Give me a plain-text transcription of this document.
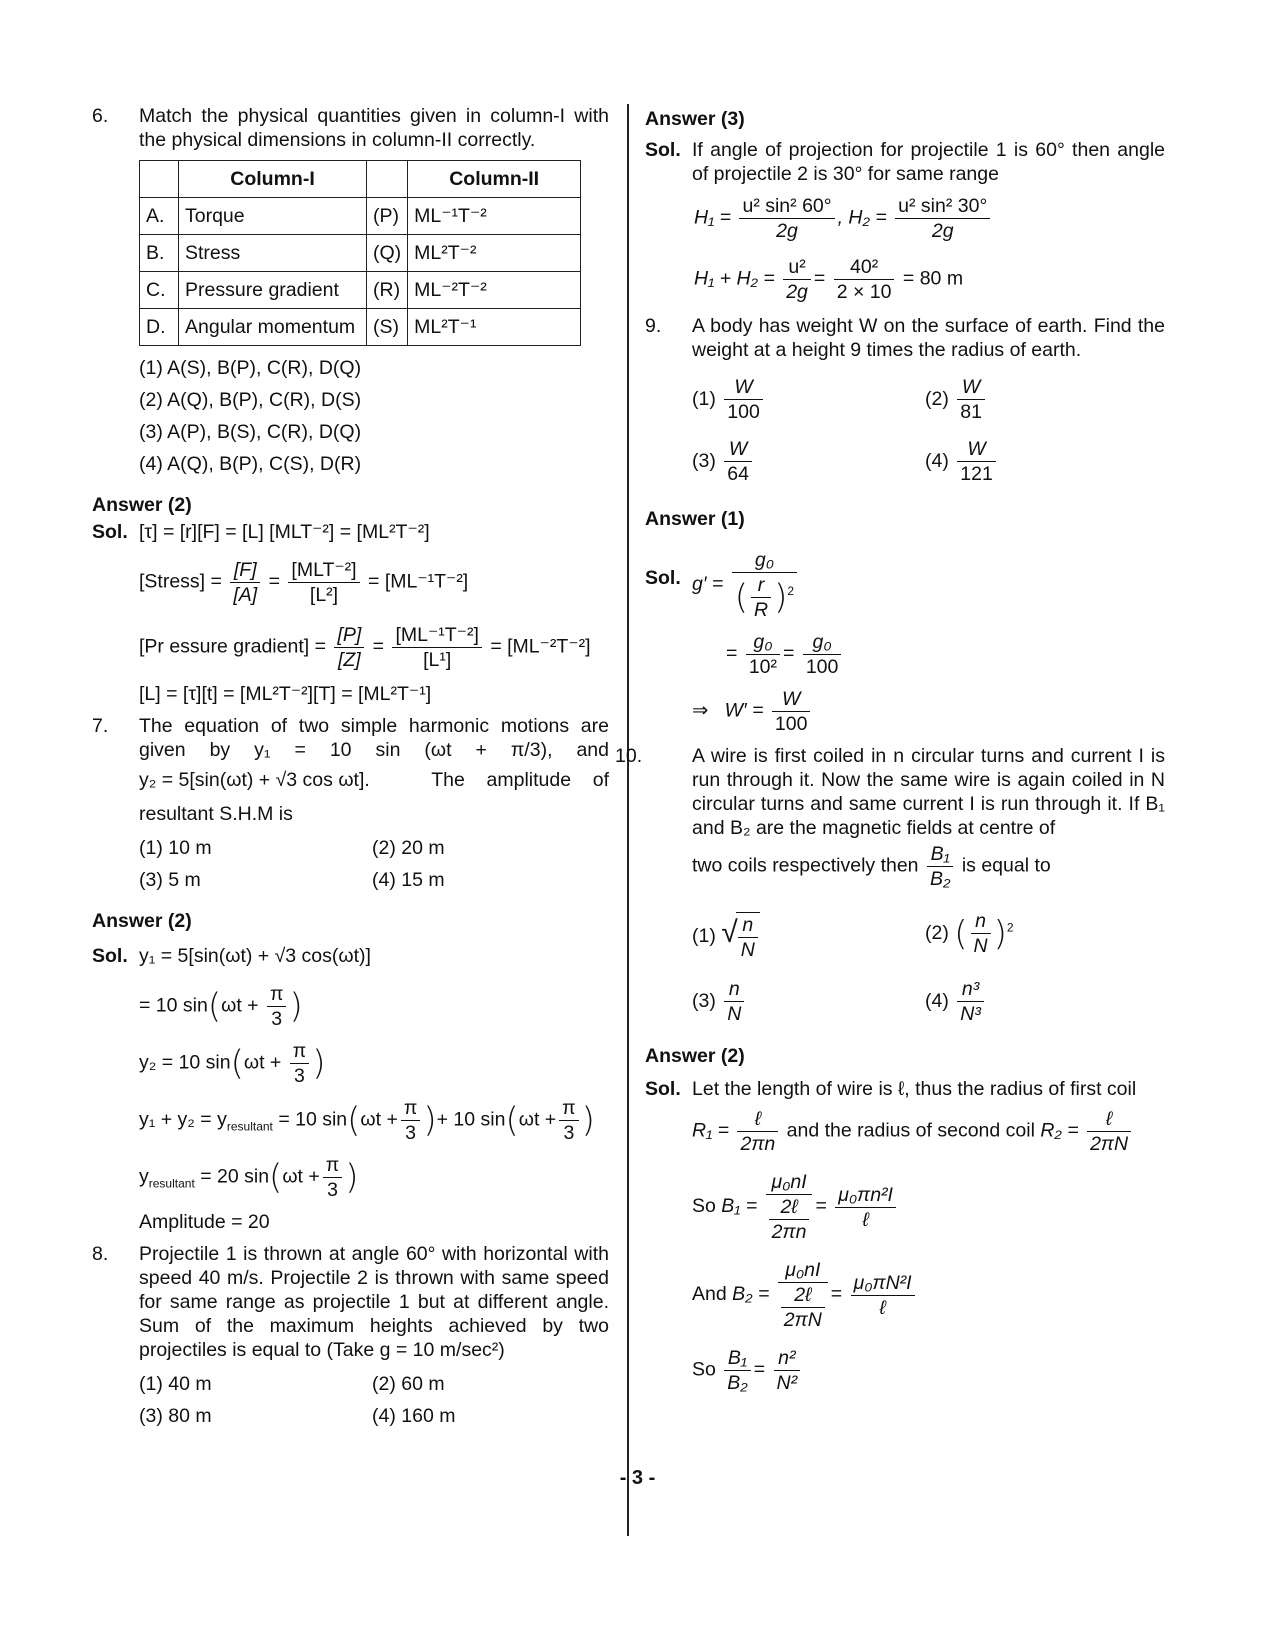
6. Match the physical quantities given in column-I with the physical dimensions in column-II correctly.
	Column-I		Column-II
A.	Torque	(P)	ML⁻¹T⁻²
B.	Stress	(Q)	ML²T⁻²
C.	Pressure gradient	(R)	ML⁻²T⁻²
D.	Angular momentum	(S)	ML²T⁻¹
(1) A(S), B(P), C(R), D(Q)
(2) A(Q), B(P), C(R), D(S)
(3) A(P), B(S), C(R), D(Q)
(4) A(Q), B(P), C(S), D(R)
Answer (2)
Sol. [τ] = [r][F] = [L] [MLT⁻²] = [ML²T⁻²]
[Stress] = $\frac{[F]}{[A]} = \frac{\text{[MLT⁻²]}}{\text{[L²]}} = [ML^{-1}T^{-2}]$
[Pr essure gradient] = $\frac{[P]}{[Z]} = \frac{\text{[ML⁻¹T⁻²]}}{\text{[L¹]}} = [ML^{-2}T^{-2}]$
[L] = [τ][t] = [ML²T⁻²][T] = [ML²T⁻¹]
7. The equation of two simple harmonic motions are given by y₁ = 10 sin (ωt + π/3), and
y₂ = 5[sin(ωt) + √3 cos ωt].	The    amplitude    of
resultant S.H.M is
(1) 10 m	(2) 20 m
(3) 5 m	(4) 15 m
Answer (2)
Sol. y₁ = 5[sin(ωt) + √3 cos(ωt)]
= 10 $\sin(\omega t + \frac{\pi}{3}$ )
y₂ = 10 $\sin(\omega t + \frac{\pi}{3}$ )
$y_1 + y_2 = y_{resultant} = 10$ $\sin(\omega t + \frac{\pi}{3}$ )+ 10 $\sin(\omega t + \frac{\pi}{3}$ )
$y_{resultant} = 20$ $\sin(\omega t + \frac{\pi}{3}$ )
Amplitude = 20
8. Projectile 1 is thrown at angle 60° with horizontal with speed 40 m/s. Projectile 2 is thrown with same speed for same range as projectile 1 but at different angle. Sum of the maximum heights achieved by two projectiles is equal to (Take g = 10 m/sec²)
(1) 40 m	(2) 60 m
(3) 80 m	(4) 160 m
Answer (3)
Sol. If angle of projection for projectile 1 is 60° then angle of projectile 2 is 30° for same range
$H_1 = \frac{\text{u² sin² 60°}}{2g}$ , $H_2 = \frac{\text{u² sin² 30°}}{2g}$
$H_1 + H_2 = \frac{\text{u²}}{2g} = \frac{\text{40²}}{2 \times 10} = 80$ m
9. A body has weight W on the surface of earth. Find the weight at a height 9 times the radius of earth.
$(1) \frac{W}{100}$	$(2) \frac{W}{81}$
$(3) \frac{W}{64}$	$(4) \frac{W}{121}$
Answer (1)
Sol. $g' = \frac{\text{g₀}}{( \frac{r}{R} )^2}$
= $\frac{\text{g₀}}{\text{10²}} = \frac{\text{g₀}}{100}$
⇒ $W' = \frac{W}{100}$
10.	A wire is first coiled in n circular turns and current I is run through it. Now the same wire is again coiled in N circular turns and same current I is run through it. If B₁ and B₂ are the magnetic fields at centre of
two coils respectively then $\frac{\text{B₁}}{\text{B₂}}$ is equal to
(1) √
$\frac{n}{N}$	(2) ( $\frac{n}{N} )^2$
$(3) \frac{n}{N}$	$(4) \frac{\text{n³}}{\text{N³}}$
Answer (2)
Sol. Let the length of wire is ℓ, thus the radius of first coil
$R_1 = \frac{\text{ℓ}}{2\pi n}$ and the radius of second coil $R_2 = \frac{\text{ℓ}}{2\pi N}$
So $B_1 = \frac{\text{μ₀nI}}{\frac{\text{2ℓ}}{2\pi n}} = \frac{\text{μ₀πn²I}}{\text{ℓ}}$
And $B_2 = \frac{\text{μ₀nI}}{\frac{\text{2ℓ}}{2\pi N}} = \frac{\text{μ₀πN²I}}{\text{ℓ}}$
So $\frac{\text{B₁}}{\text{B₂}} = \frac{\text{n²}}{\text{N²}}$
- 3 -
